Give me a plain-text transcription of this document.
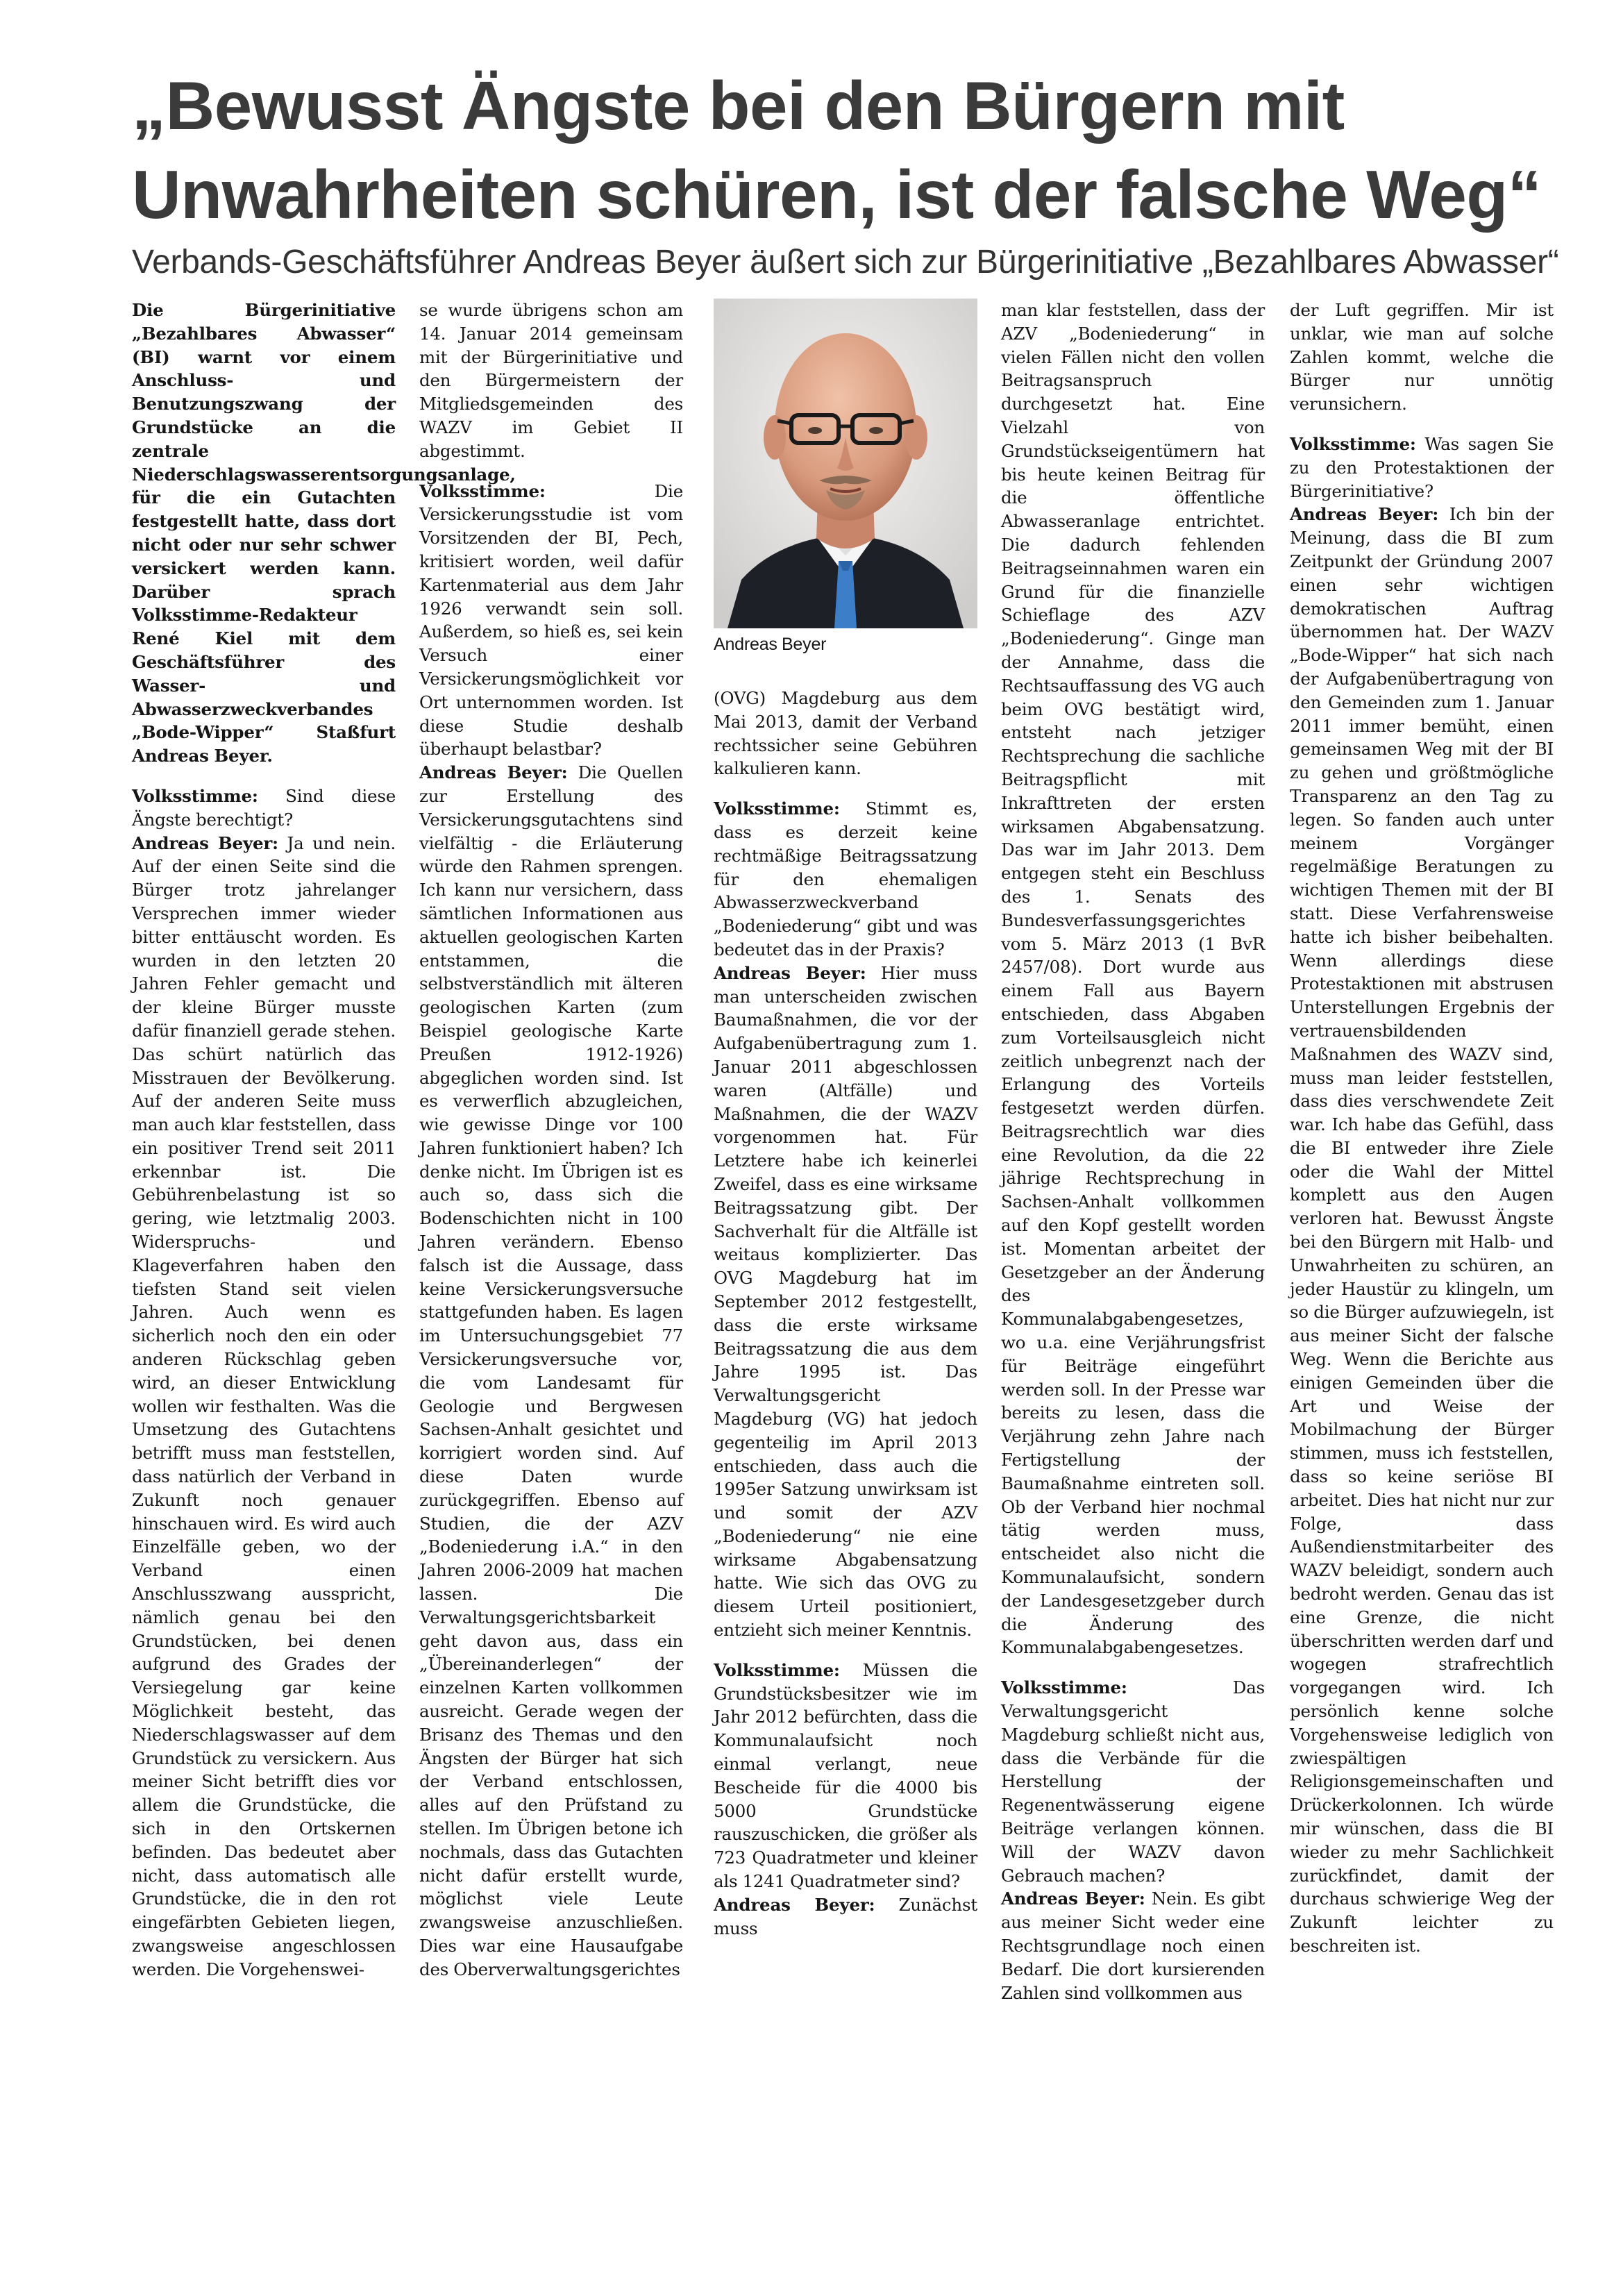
„Bewusst Ängste bei den Bürgern mit
Unwahrheiten schüren, ist der falsche Weg“
Verbands-Geschäftsführer Andreas Beyer äußert sich zur Bürgerinitiative „Bezahlbares Abwasser“

Die Bürgerinitiative „Bezahlbares Abwasser“ (BI) warnt vor einem Anschluss- und Benutzungszwang der Grundstücke an die zentrale Niederschlagswasserentsorgungsanlage, für die ein Gutachten festgestellt hatte, dass dort nicht oder nur sehr schwer versickert werden kann. Darüber sprach Volksstimme-Redakteur René Kiel mit dem Geschäftsführer des Wasser- und Abwasserzweckverbandes „Bode-Wipper“ Staßfurt Andreas Beyer.

Volksstimme: Sind diese Ängste berechtigt?

Andreas Beyer: Ja und nein. Auf der einen Seite sind die Bürger trotz jahrelanger Versprechen immer wieder bitter enttäuscht worden. Es wurden in den letzten 20 Jahren Fehler gemacht und der kleine Bürger musste dafür finanziell gerade stehen. Das schürt natürlich das Misstrauen der Bevölkerung. Auf der anderen Seite muss man auch klar feststellen, dass ein positiver Trend seit 2011 erkennbar ist. Die Gebührenbelastung ist so gering, wie letztmalig 2003. Widerspruchs- und Klageverfahren haben den tiefsten Stand seit vielen Jahren. Auch wenn es sicherlich noch den ein oder anderen Rückschlag geben wird, an dieser Entwicklung wollen wir festhalten. Was die Umsetzung des Gutachtens betrifft muss man feststellen, dass natürlich der Verband in Zukunft noch genauer hinschauen wird. Es wird auch Einzelfälle geben, wo der Verband einen Anschlusszwang ausspricht, nämlich genau bei den Grundstücken, bei denen aufgrund des Grades der Versiegelung gar keine Möglichkeit besteht, das Niederschlagswasser auf dem Grundstück zu versickern. Aus meiner Sicht betrifft dies vor allem die Grundstücke, die sich in den Ortskernen befinden. Das bedeutet aber nicht, dass automatisch alle Grundstücke, die in den rot eingefärbten Gebieten liegen, zwangsweise angeschlossen werden. Die Vorgehenswei-

se wurde übrigens schon am 14. Januar 2014 gemeinsam mit der Bürgerinitiative und den Bürgermeistern der Mitgliedsgemeinden des WAZV im Gebiet II abgestimmt.

Volksstimme:	Die Versickerungsstudie ist vom Vorsitzenden der BI, Pech, kritisiert worden, weil dafür Kartenmaterial aus dem Jahr 1926 verwandt sein soll. Außerdem, so hieß es, sei kein Versuch einer Versickerungsmöglichkeit vor Ort unternommen worden. Ist diese Studie deshalb überhaupt belastbar?

Andreas Beyer: Die Quellen zur Erstellung des Versickerungsgutachtens sind vielfältig - die Erläuterung würde den Rahmen sprengen. Ich kann nur versichern, dass sämtlichen Informationen aus aktuellen geologischen Karten entstammen, die selbstverständlich mit älteren geologischen Karten (zum Beispiel geologische Karte Preußen 1912-1926) abgeglichen worden sind. Ist es verwerflich abzugleichen, wie gewisse Dinge vor 100 Jahren funktioniert haben? Ich denke nicht. Im Übrigen ist es auch so, dass sich die Bodenschichten nicht in 100 Jahren verändern. Ebenso falsch ist die Aussage, dass keine Versickerungsversuche stattgefunden haben. Es lagen im Untersuchungsgebiet 77 Versickerungsversuche vor, die vom Landesamt für Geologie und Bergwesen Sachsen-Anhalt gesichtet und korrigiert worden sind. Auf diese Daten wurde zurückgegriffen. Ebenso auf Studien, die der AZV „Bodeniederung i.A.“ in den Jahren 2006-2009 hat machen lassen. Die Verwaltungsgerichtsbarkeit geht davon aus, dass ein „Übereinanderlegen“ der einzelnen Karten vollkommen ausreicht. Gerade wegen der Brisanz des Themas und den Ängsten der Bürger hat sich der Verband entschlossen, alles auf den Prüfstand zu stellen. Im Übrigen betone ich nochmals, dass das Gutachten nicht dafür erstellt wurde, möglichst viele Leute zwangsweise anzuschließen. Dies war eine Hausaufgabe des Oberverwaltungsgerichtes

Andreas Beyer

(OVG) Magdeburg aus dem Mai 2013, damit der Verband rechtssicher seine Gebühren kalkulieren kann.

Volksstimme: Stimmt es, dass es derzeit keine rechtmäßige Beitragssatzung für den ehemaligen Abwasserzweckverband „Bodeniederung“ gibt und was bedeutet das in der Praxis?

Andreas Beyer: Hier muss man unterscheiden zwischen Baumaßnahmen, die vor der Aufgabenübertragung zum 1. Januar 2011 abgeschlossen waren (Altfälle) und Maßnahmen, die der WAZV vorgenommen hat. Für Letztere habe ich keinerlei Zweifel, dass es eine wirksame Beitragssatzung gibt. Der Sachverhalt für die Altfälle ist weitaus komplizierter. Das OVG Magdeburg hat im September 2012 festgestellt, dass die erste wirksame Beitragssatzung die aus dem Jahre 1995 ist. Das Verwaltungsgericht Magdeburg (VG) hat jedoch gegenteilig im April 2013 entschieden, dass auch die 1995er Satzung unwirksam ist und somit der AZV „Bodeniederung“ nie eine wirksame Abgabensatzung hatte. Wie sich das OVG zu diesem Urteil positioniert, entzieht sich meiner Kenntnis.

Volksstimme: Müssen die Grundstücksbesitzer wie im Jahr 2012 befürchten, dass die Kommunalaufsicht noch einmal verlangt, neue Bescheide für die 4000 bis 5000 Grundstücke rauszuschicken, die größer als 723 Quadratmeter und kleiner als 1241 Quadratmeter sind?

Andreas Beyer: Zunächst muss

man klar feststellen, dass der AZV „Bodeniederung“ in vielen Fällen nicht den vollen Beitragsanspruch durchgesetzt hat. Eine Vielzahl von Grundstückseigentümern hat bis heute keinen Beitrag für die öffentliche Abwasseranlage entrichtet. Die dadurch fehlenden Beitragseinnahmen waren ein Grund für die finanzielle Schieflage des AZV „Bodeniederung“. Ginge man der Annahme, dass die Rechtsauffassung des VG auch beim OVG bestätigt wird, entsteht nach jetziger Rechtsprechung die sachliche Beitragspflicht mit Inkrafttreten der ersten wirksamen Abgabensatzung. Das war im Jahr 2013. Dem entgegen steht ein Beschluss des 1. Senats des Bundesverfassungsgerichtes vom 5. März 2013 (1 BvR 2457/08). Dort wurde aus einem Fall aus Bayern entschieden, dass Abgaben zum Vorteilsausgleich nicht zeitlich unbegrenzt nach der Erlangung des Vorteils festgesetzt werden dürfen. Beitragsrechtlich war dies eine Revolution, da die 22 jährige Rechtsprechung in Sachsen-Anhalt vollkommen auf den Kopf gestellt worden ist. Momentan arbeitet der Gesetzgeber an der Änderung des Kommunalabgabengesetzes, wo u.a. eine Verjährungsfrist für Beiträge eingeführt werden soll. In der Presse war bereits zu lesen, dass die Verjährung zehn Jahre nach Fertigstellung der Baumaßnahme eintreten soll. Ob der Verband hier nochmal tätig werden muss, entscheidet also nicht die Kommunalaufsicht, sondern der Landesgesetzgeber durch die Änderung des Kommunalabgabengesetzes.

Volksstimme:	Das Verwaltungsgericht Magdeburg schließt nicht aus, dass die Verbände für die Herstellung der Regenentwässerung eigene Beiträge verlangen können. Will der WAZV davon Gebrauch machen?

Andreas Beyer: Nein. Es gibt aus meiner Sicht weder eine Rechtsgrundlage noch einen Bedarf. Die dort kursierenden Zahlen sind vollkommen aus

der Luft gegriffen. Mir ist unklar, wie man auf solche Zahlen kommt, welche die Bürger nur unnötig verunsichern.

Volksstimme: Was sagen Sie zu den Protestaktionen der Bürgerinitiative?

Andreas Beyer: Ich bin der Meinung, dass die BI zum Zeitpunkt der Gründung 2007 einen sehr wichtigen demokratischen Auftrag übernommen hat. Der WAZV „Bode-Wipper“ hat sich nach der Aufgabenübertragung von den Gemeinden zum 1. Januar 2011 immer bemüht, einen gemeinsamen Weg mit der BI zu gehen und größtmögliche Transparenz an den Tag zu legen. So fanden auch unter meinem Vorgänger regelmäßige Beratungen zu wichtigen Themen mit der BI statt. Diese Verfahrensweise hatte ich bisher beibehalten. Wenn allerdings diese Protestaktionen mit abstrusen Unterstellungen Ergebnis der vertrauensbildenden Maßnahmen des WAZV sind, muss man leider feststellen, dass dies verschwendete Zeit war. Ich habe das Gefühl, dass die BI entweder ihre Ziele oder die Wahl der Mittel komplett aus den Augen verloren hat. Bewusst Ängste bei den Bürgern mit Halb- und Unwahrheiten zu schüren, an jeder Haustür zu klingeln, um so die Bürger aufzuwiegeln, ist aus meiner Sicht der falsche Weg. Wenn die Berichte aus einigen Gemeinden über die Art und Weise der Mobilmachung der Bürger stimmen, muss ich feststellen, dass so keine seriöse BI arbeitet. Dies hat nicht nur zur Folge, dass Außendienstmitarbeiter des WAZV beleidigt, sondern auch bedroht werden. Genau das ist eine Grenze, die nicht überschritten werden darf und wogegen strafrechtlich vorgegangen wird. Ich persönlich kenne solche Vorgehensweise lediglich von zwiespältigen Religionsgemeinschaften und Drückerkolonnen. Ich würde mir wünschen, dass die BI wieder zu mehr Sachlichkeit zurückfindet, damit der durchaus schwierige Weg der Zukunft leichter zu beschreiten ist.
